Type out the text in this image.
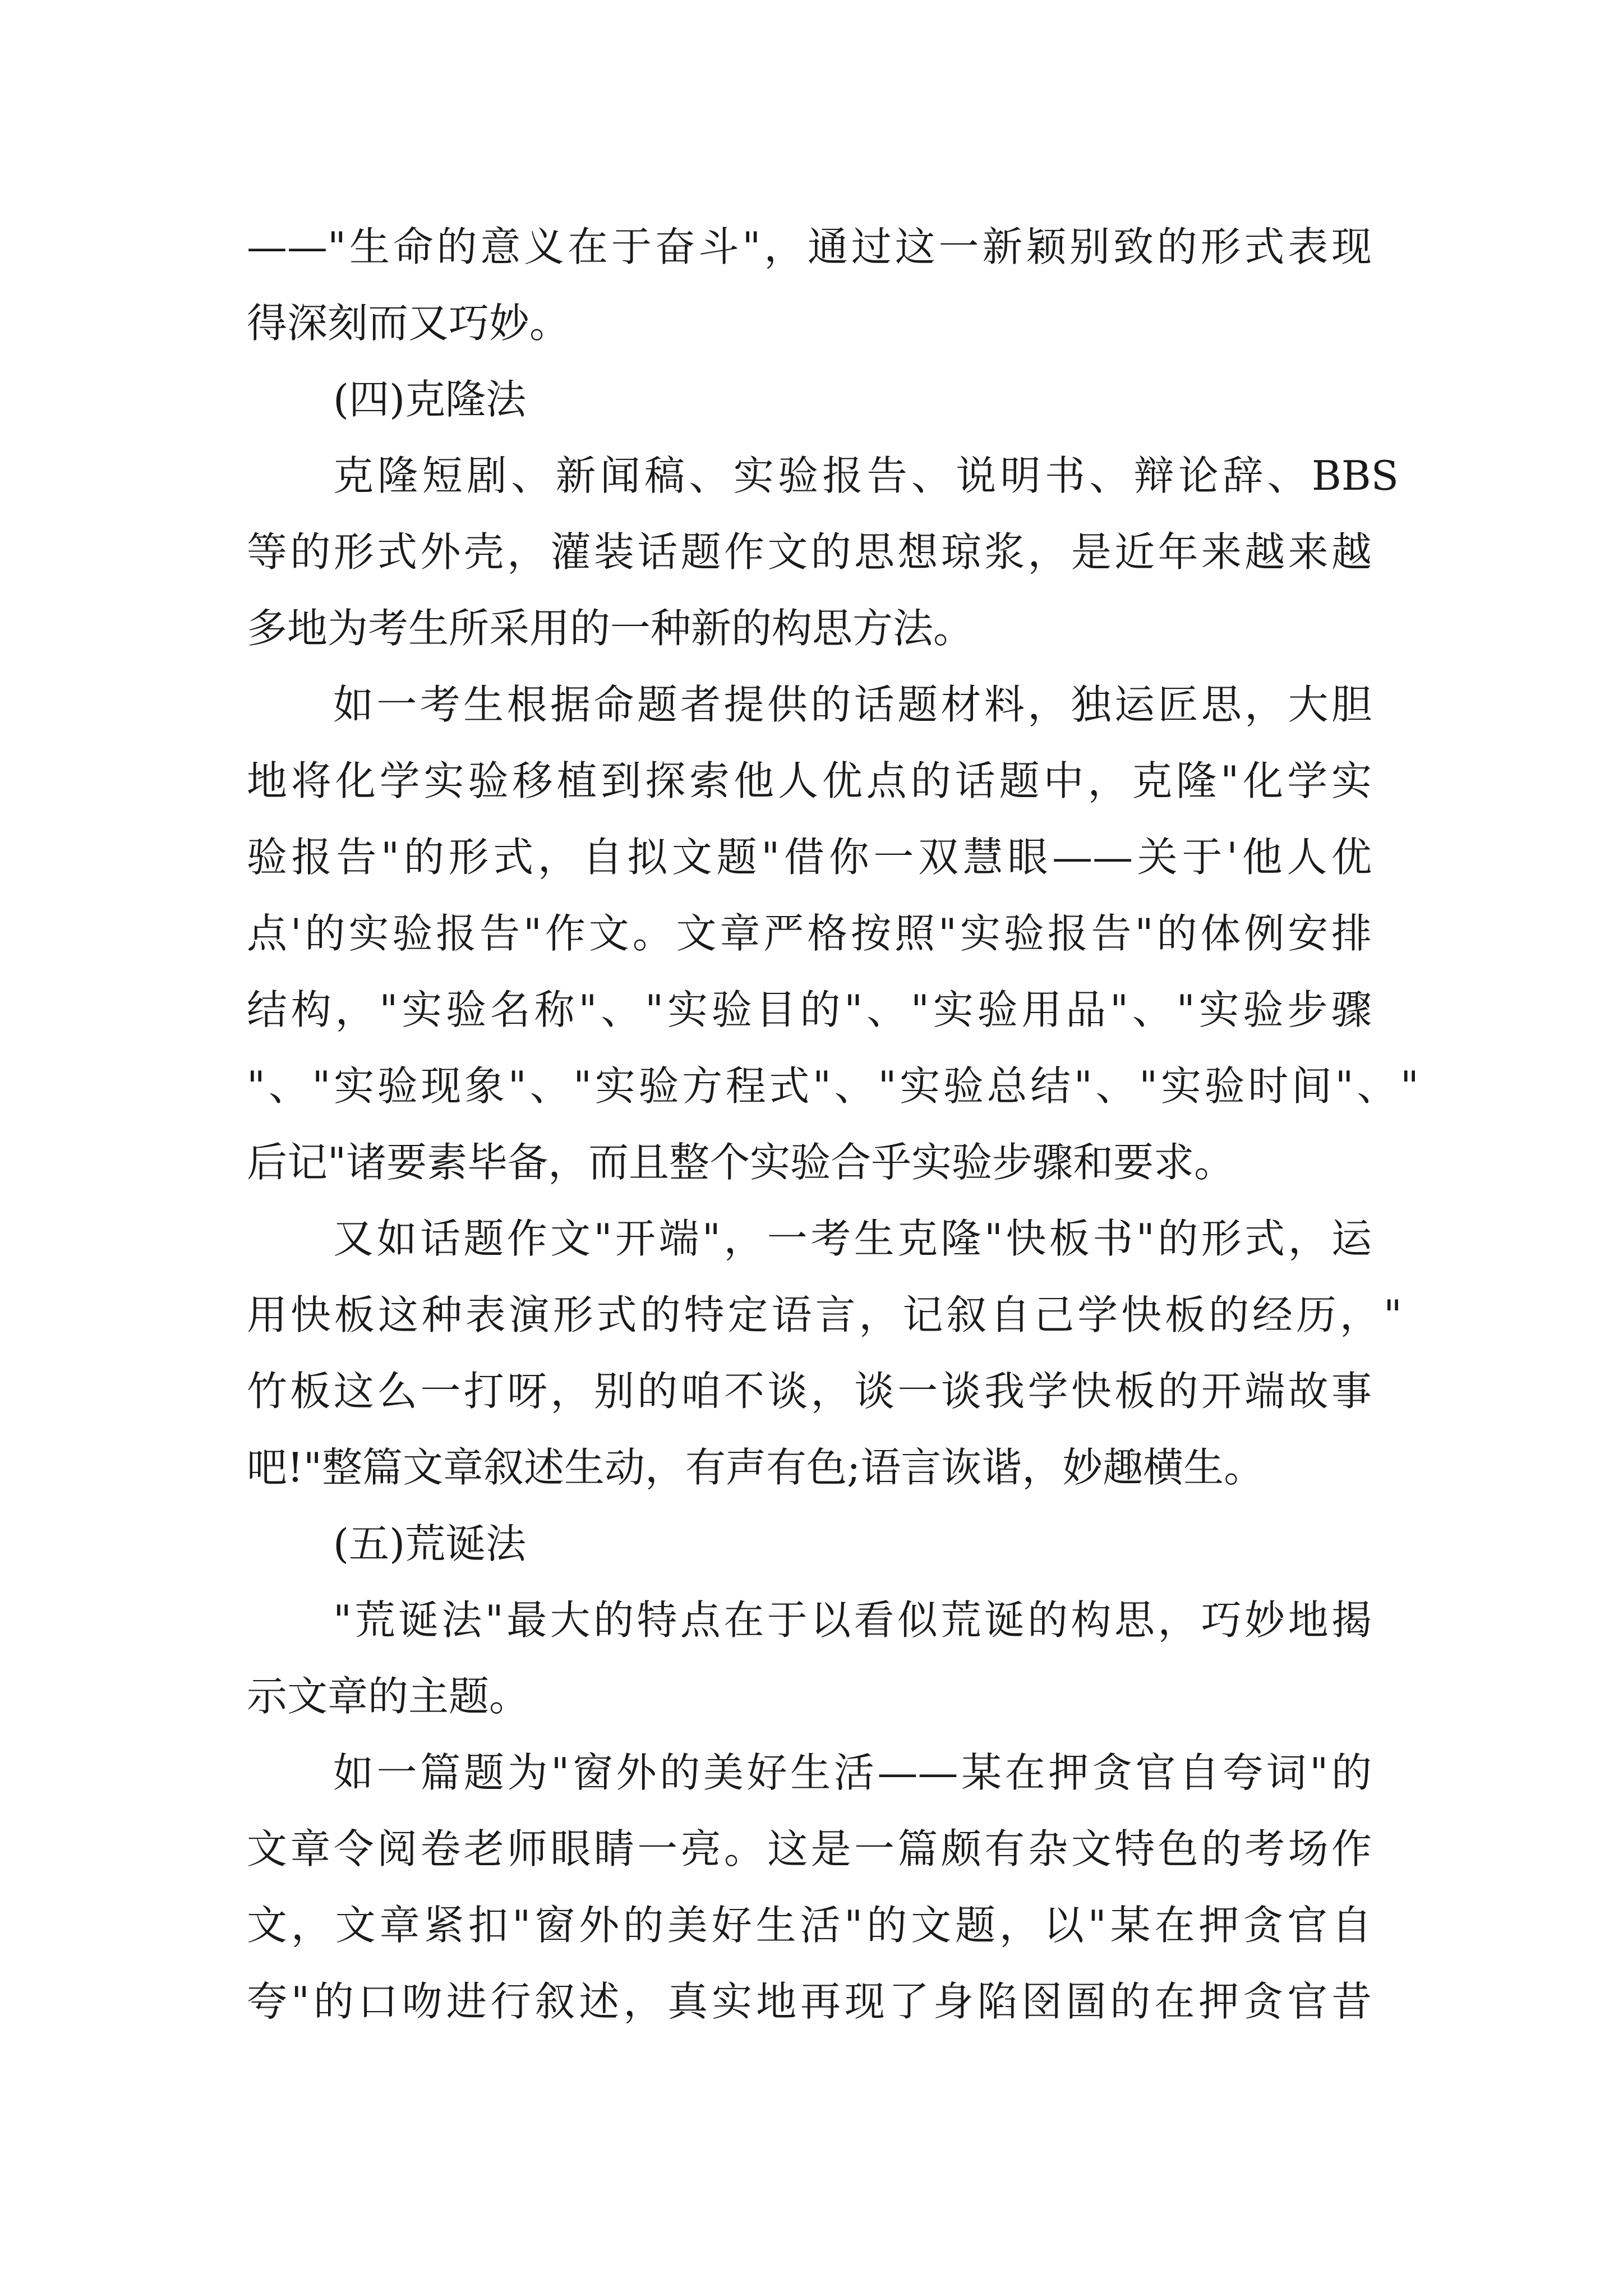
——"生命的意义在于奋斗"，通过这一新颖别致的形式表现
得深刻而又巧妙。
(四)克隆法
克隆短剧、新闻稿、实验报告、说明书、辩论辞、BBS
等的形式外壳，灌装话题作文的思想琼浆，是近年来越来越
多地为考生所采用的一种新的构思方法。
如一考生根据命题者提供的话题材料，独运匠思，大胆
地将化学实验移植到探索他人优点的话题中，克隆"化学实
验报告"的形式，自拟文题"借你一双慧眼——关于'他人优
点'的实验报告"作文。文章严格按照"实验报告"的体例安排
结构，"实验名称"、"实验目的"、"实验用品"、"实验步骤
"、"实验现象"、"实验方程式"、"实验总结"、"实验时间"、"
后记"诸要素毕备，而且整个实验合乎实验步骤和要求。
又如话题作文"开端"，一考生克隆"快板书"的形式，运
用快板这种表演形式的特定语言，记叙自己学快板的经历，"
竹板这么一打呀，别的咱不谈，谈一谈我学快板的开端故事
吧!"整篇文章叙述生动，有声有色;语言诙谐，妙趣横生。
(五)荒诞法
"荒诞法"最大的特点在于以看似荒诞的构思，巧妙地揭
示文章的主题。
如一篇题为"窗外的美好生活——某在押贪官自夸词"的
文章令阅卷老师眼睛一亮。这是一篇颇有杂文特色的考场作
文，文章紧扣"窗外的美好生活"的文题，以"某在押贪官自
夸"的口吻进行叙述，真实地再现了身陷囹圄的在押贪官昔
